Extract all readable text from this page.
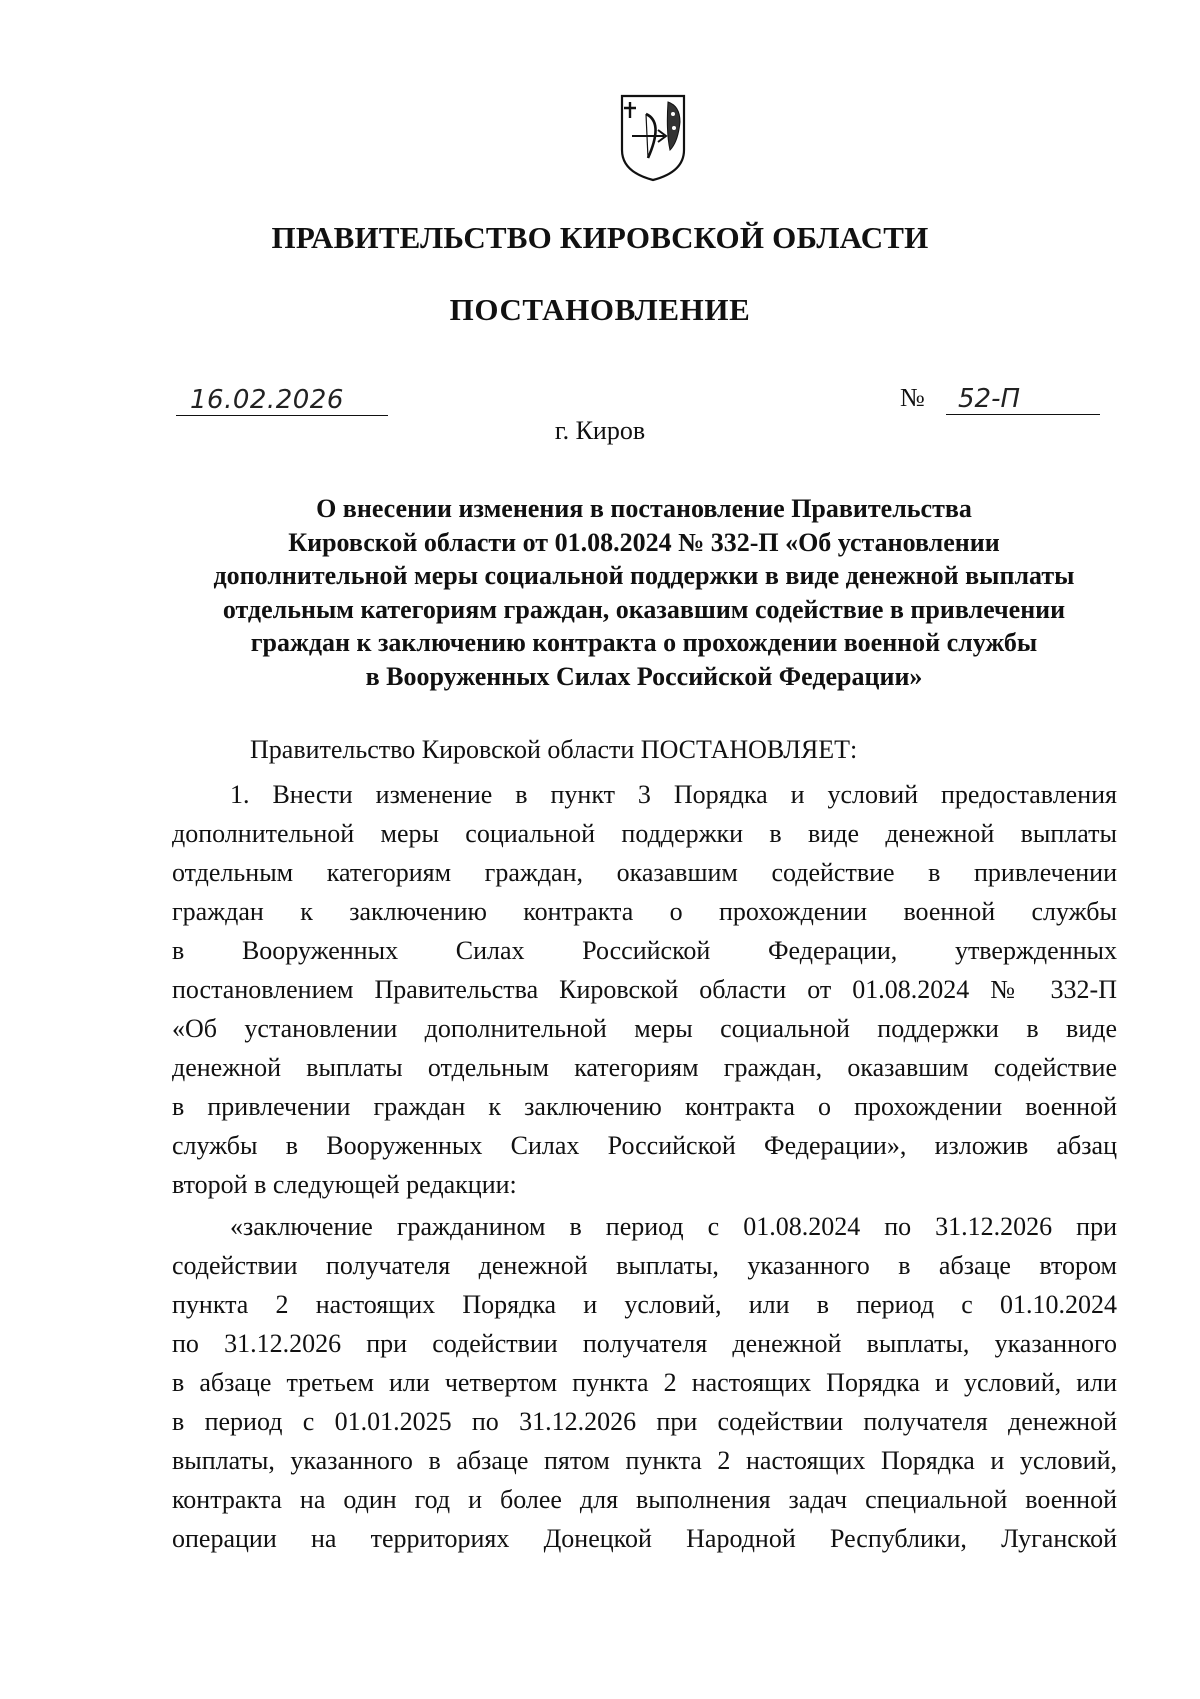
ПРАВИТЕЛЬСТВО КИРОВСКОЙ ОБЛАСТИ
ПОСТАНОВЛЕНИЕ
16.02.2026	№ 52-П
г. Киров
О внесении изменения в постановление Правительства
Кировской области от 01.08.2024 № 332-П «Об установлении
дополнительной меры социальной поддержки в виде денежной выплаты
отдельным категориям граждан, оказавшим содействие в привлечении
граждан к заключению контракта о прохождении военной службы
в Вооруженных Силах Российской Федерации»
Правительство Кировской области ПОСТАНОВЛЯЕТ:
1. Внести изменение в пункт 3 Порядка и условий предоставления
дополнительной меры социальной поддержки в виде денежной выплаты
отдельным категориям граждан, оказавшим содействие в привлечении
граждан к заключению контракта о прохождении военной службы
в Вооруженных Силах Российской Федерации, утвержденных
постановлением Правительства Кировской области от 01.08.2024 № 332-П
«Об установлении дополнительной меры социальной поддержки в виде
денежной выплаты отдельным категориям граждан, оказавшим содействие
в привлечении граждан к заключению контракта о прохождении военной
службы в Вооруженных Силах Российской Федерации», изложив абзац
второй в следующей редакции:
«заключение гражданином в период с 01.08.2024 по 31.12.2026 при
содействии получателя денежной выплаты, указанного в абзаце втором
пункта 2 настоящих Порядка и условий, или в период с 01.10.2024
по 31.12.2026 при содействии получателя денежной выплаты, указанного
в абзаце третьем или четвертом пункта 2 настоящих Порядка и условий, или
в период с 01.01.2025 по 31.12.2026 при содействии получателя денежной
выплаты, указанного в абзаце пятом пункта 2 настоящих Порядка и условий,
контракта на один год и более для выполнения задач специальной военной
операции на территориях Донецкой Народной Республики, Луганской
